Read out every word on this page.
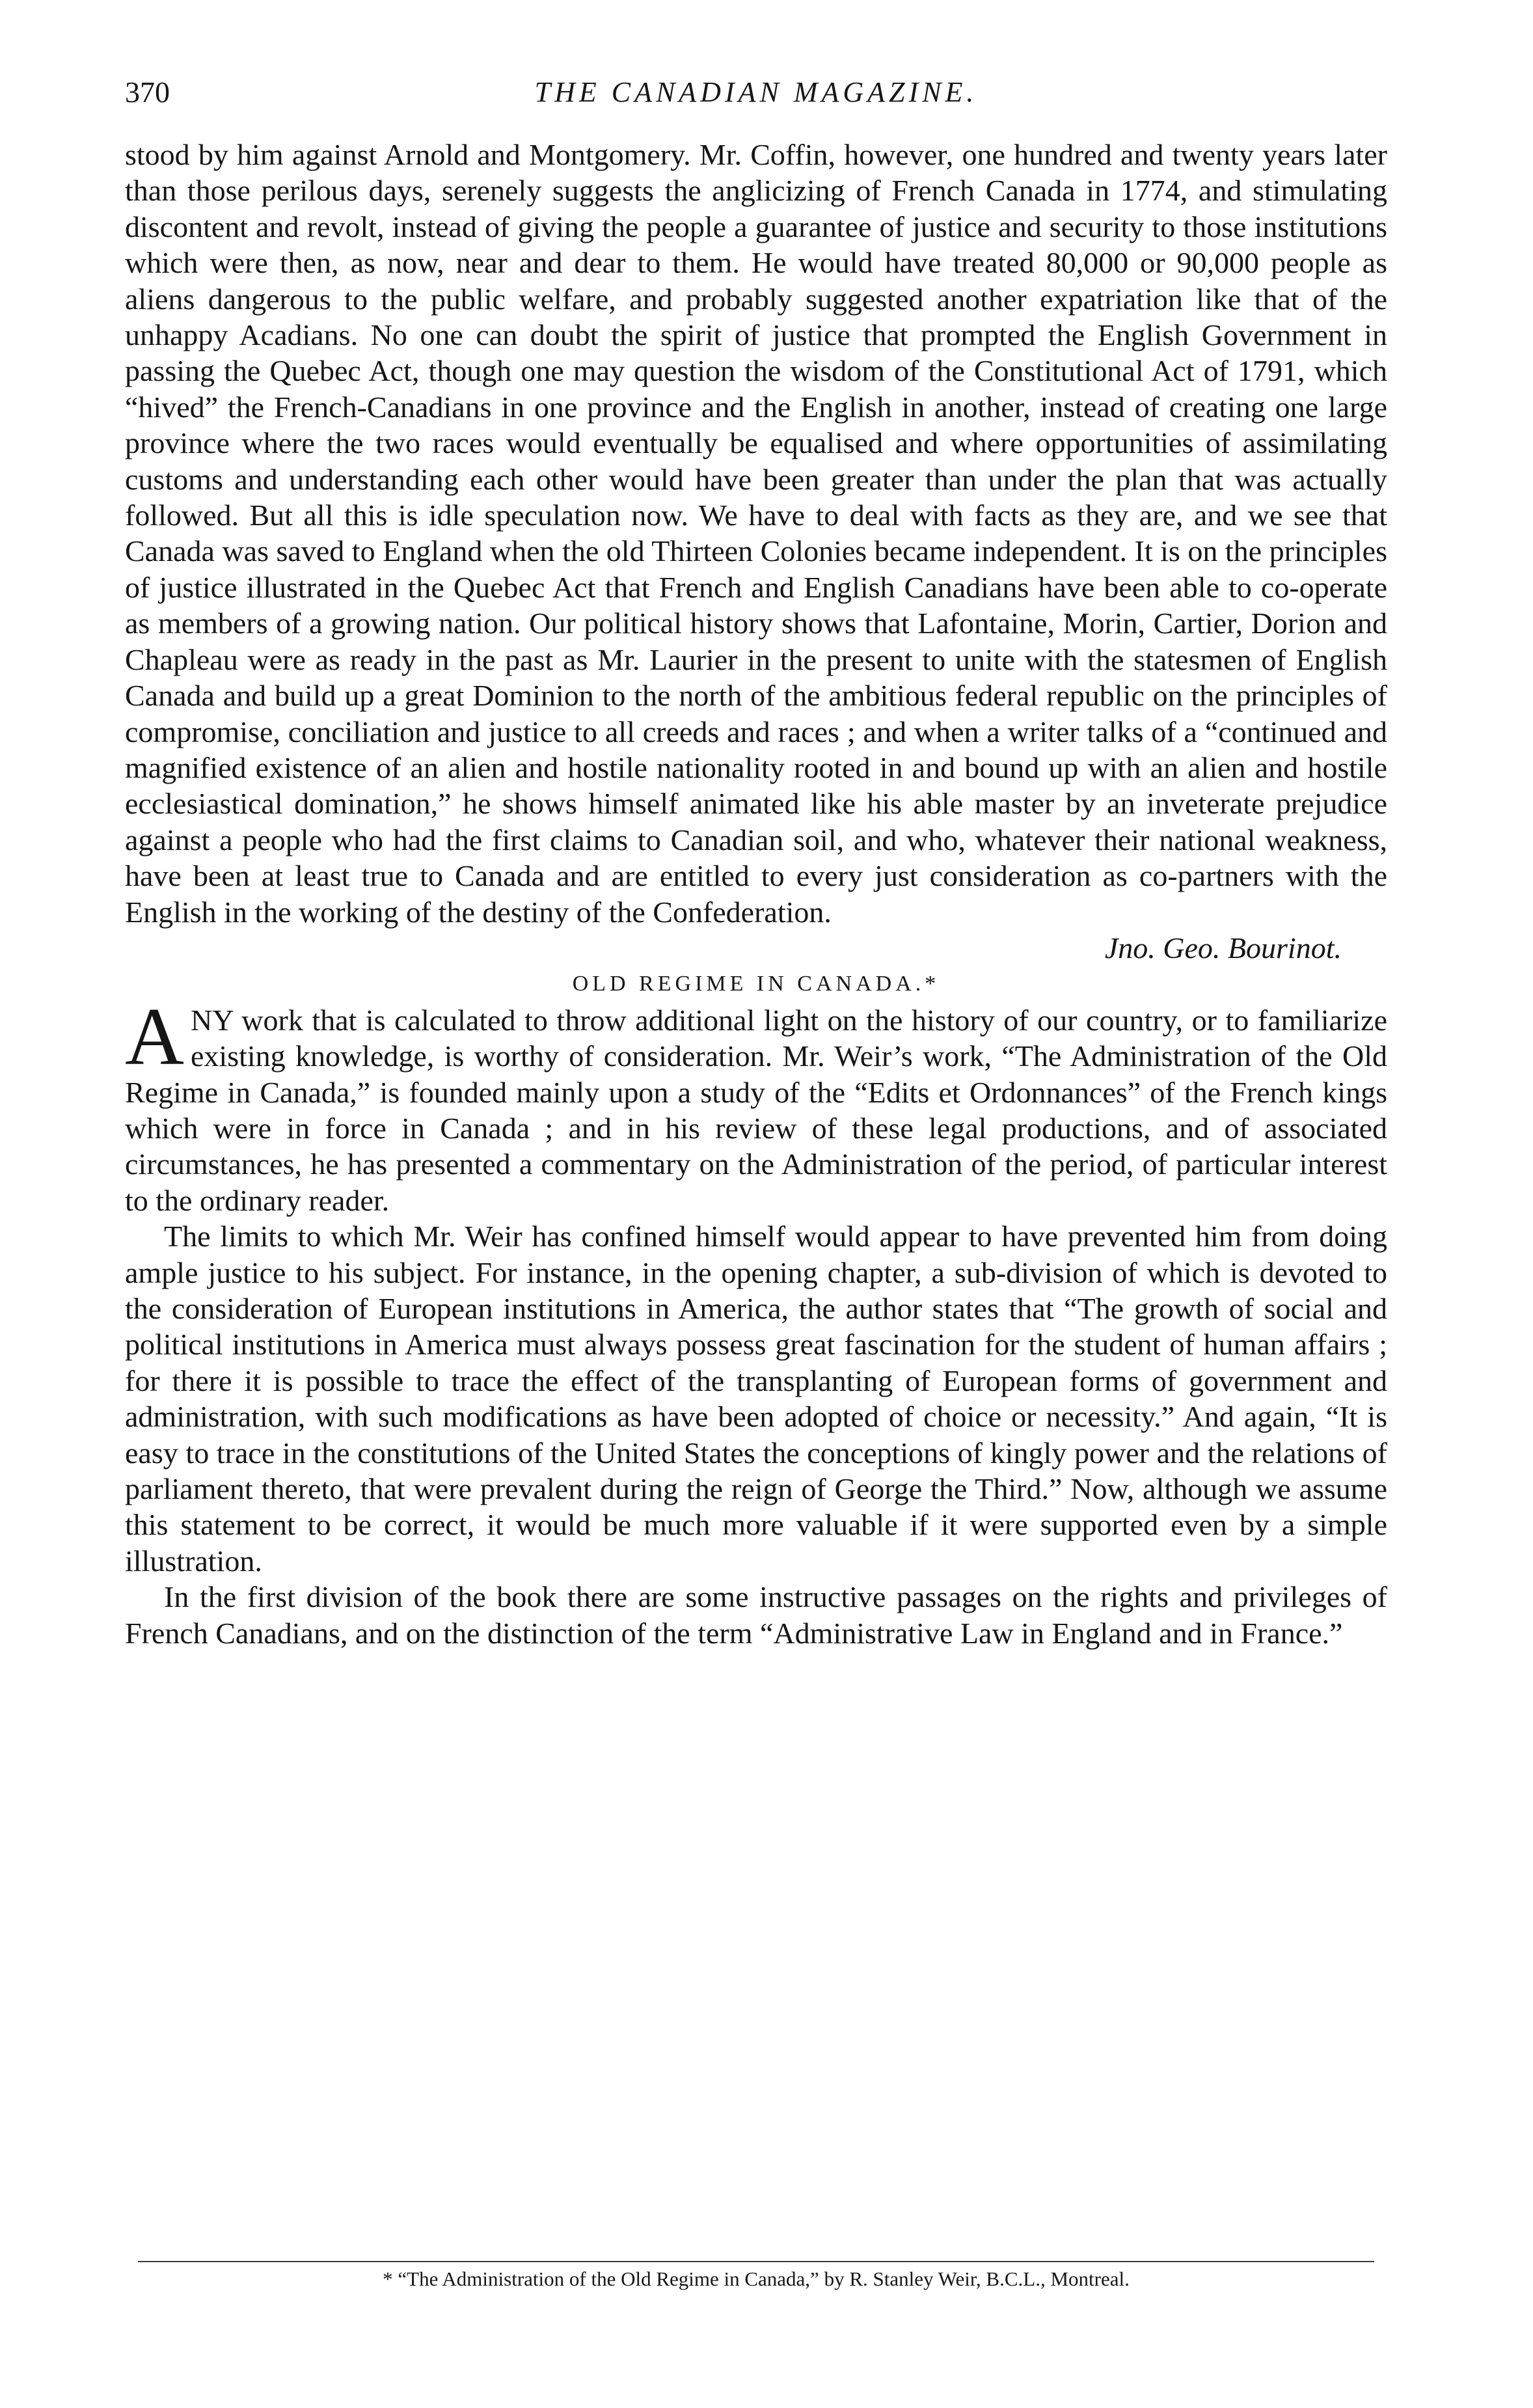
370	THE CANADIAN MAGAZINE.

stood by him against Arnold and Montgomery. Mr. Coffin, however, one hundred and twenty years later than those perilous days, serenely suggests the anglicizing of French Canada in 1774, and stimulating discontent and revolt, instead of giving the people a guarantee of justice and security to those institutions which were then, as now, near and dear to them. He would have treated 80,000 or 90,000 people as aliens dangerous to the public welfare, and probably suggested another expatriation like that of the unhappy Acadians. No one can doubt the spirit of justice that prompted the English Government in passing the Quebec Act, though one may question the wisdom of the Constitutional Act of 1791, which “hived” the French-Canadians in one province and the English in another, instead of creating one large province where the two races would eventually be equalised and where opportunities of assimilating customs and understanding each other would have been greater than under the plan that was actually followed. But all this is idle speculation now. We have to deal with facts as they are, and we see that Canada was saved to England when the old Thirteen Colonies became independent. It is on the principles of justice illustrated in the Quebec Act that French and English Canadians have been able to co-operate as members of a growing nation. Our political history shows that Lafontaine, Morin, Cartier, Dorion and Chapleau were as ready in the past as Mr. Laurier in the present to unite with the statesmen of English Canada and build up a great Dominion to the north of the ambitious federal republic on the principles of compromise, conciliation and justice to all creeds and races ; and when a writer talks of a “continued and magnified existence of an alien and hostile nationality rooted in and bound up with an alien and hostile ecclesiastical domination,” he shows himself animated like his able master by an inveterate prejudice against a people who had the first claims to Canadian soil, and who, whatever their national weakness, have been at least true to Canada and are entitled to every just consideration as co-partners with the English in the working of the destiny of the Confederation.

Jno. Geo. Bourinot.

OLD REGIME IN CANADA.*

ANY work that is calculated to throw additional light on the history of our country, or to familiarize existing knowledge, is worthy of consideration. Mr. Weir’s work, “The Administration of the Old Regime in Canada,” is founded mainly upon a study of the “Edits et Ordonnances” of the French kings which were in force in Canada ; and in his review of these legal productions, and of associated circumstances, he has presented a commentary on the Administration of the period, of particular interest to the ordinary reader.

The limits to which Mr. Weir has confined himself would appear to have prevented him from doing ample justice to his subject. For instance, in the opening chapter, a sub-division of which is devoted to the consideration of European institutions in America, the author states that “The growth of social and political institutions in America must always possess great fascination for the student of human affairs ; for there it is possible to trace the effect of the transplanting of European forms of government and administration, with such modifications as have been adopted of choice or necessity.” And again, “It is easy to trace in the constitutions of the United States the conceptions of kingly power and the relations of parliament thereto, that were prevalent during the reign of George the Third.” Now, although we assume this statement to be correct, it would be much more valuable if it were supported even by a simple illustration.

In the first division of the book there are some instructive passages on the rights and privileges of French Canadians, and on the distinction of the term “Administrative Law in England and in France.”

* “The Administration of the Old Regime in Canada,” by R. Stanley Weir, B.C.L., Montreal.
